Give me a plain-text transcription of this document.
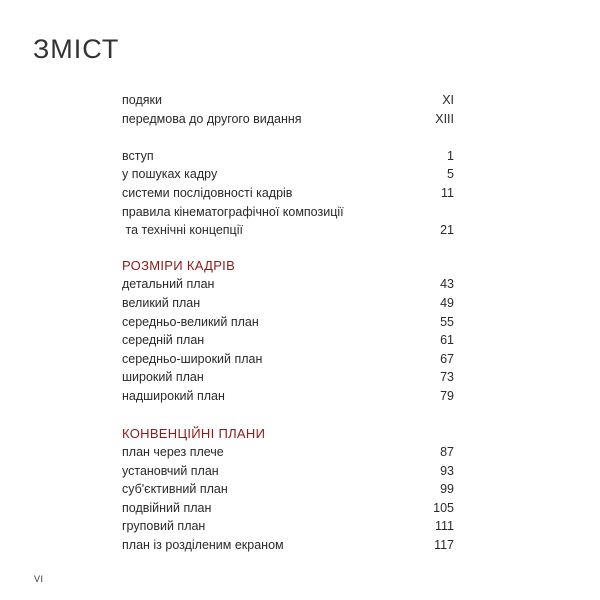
ЗМІСТ
подяки	XI
передмова до другого видання	XIII
вступ	1
у пошуках кадру	5
системи послідовності кадрів	11
правила кінематографічної композиції
та технічні концепції	21
РОЗМІРИ КАДРІВ
детальний план	43
великий план	49
середньо-великий план	55
середній план	61
середньо-широкий план	67
широкий план	73
надширокий план	79
КОНВЕНЦІЙНІ ПЛАНИ
план через плече	87
установчий план	93
суб'єктивний план	99
подвійний план	105
груповий план	111
план із розділеним екраном	117
VI
